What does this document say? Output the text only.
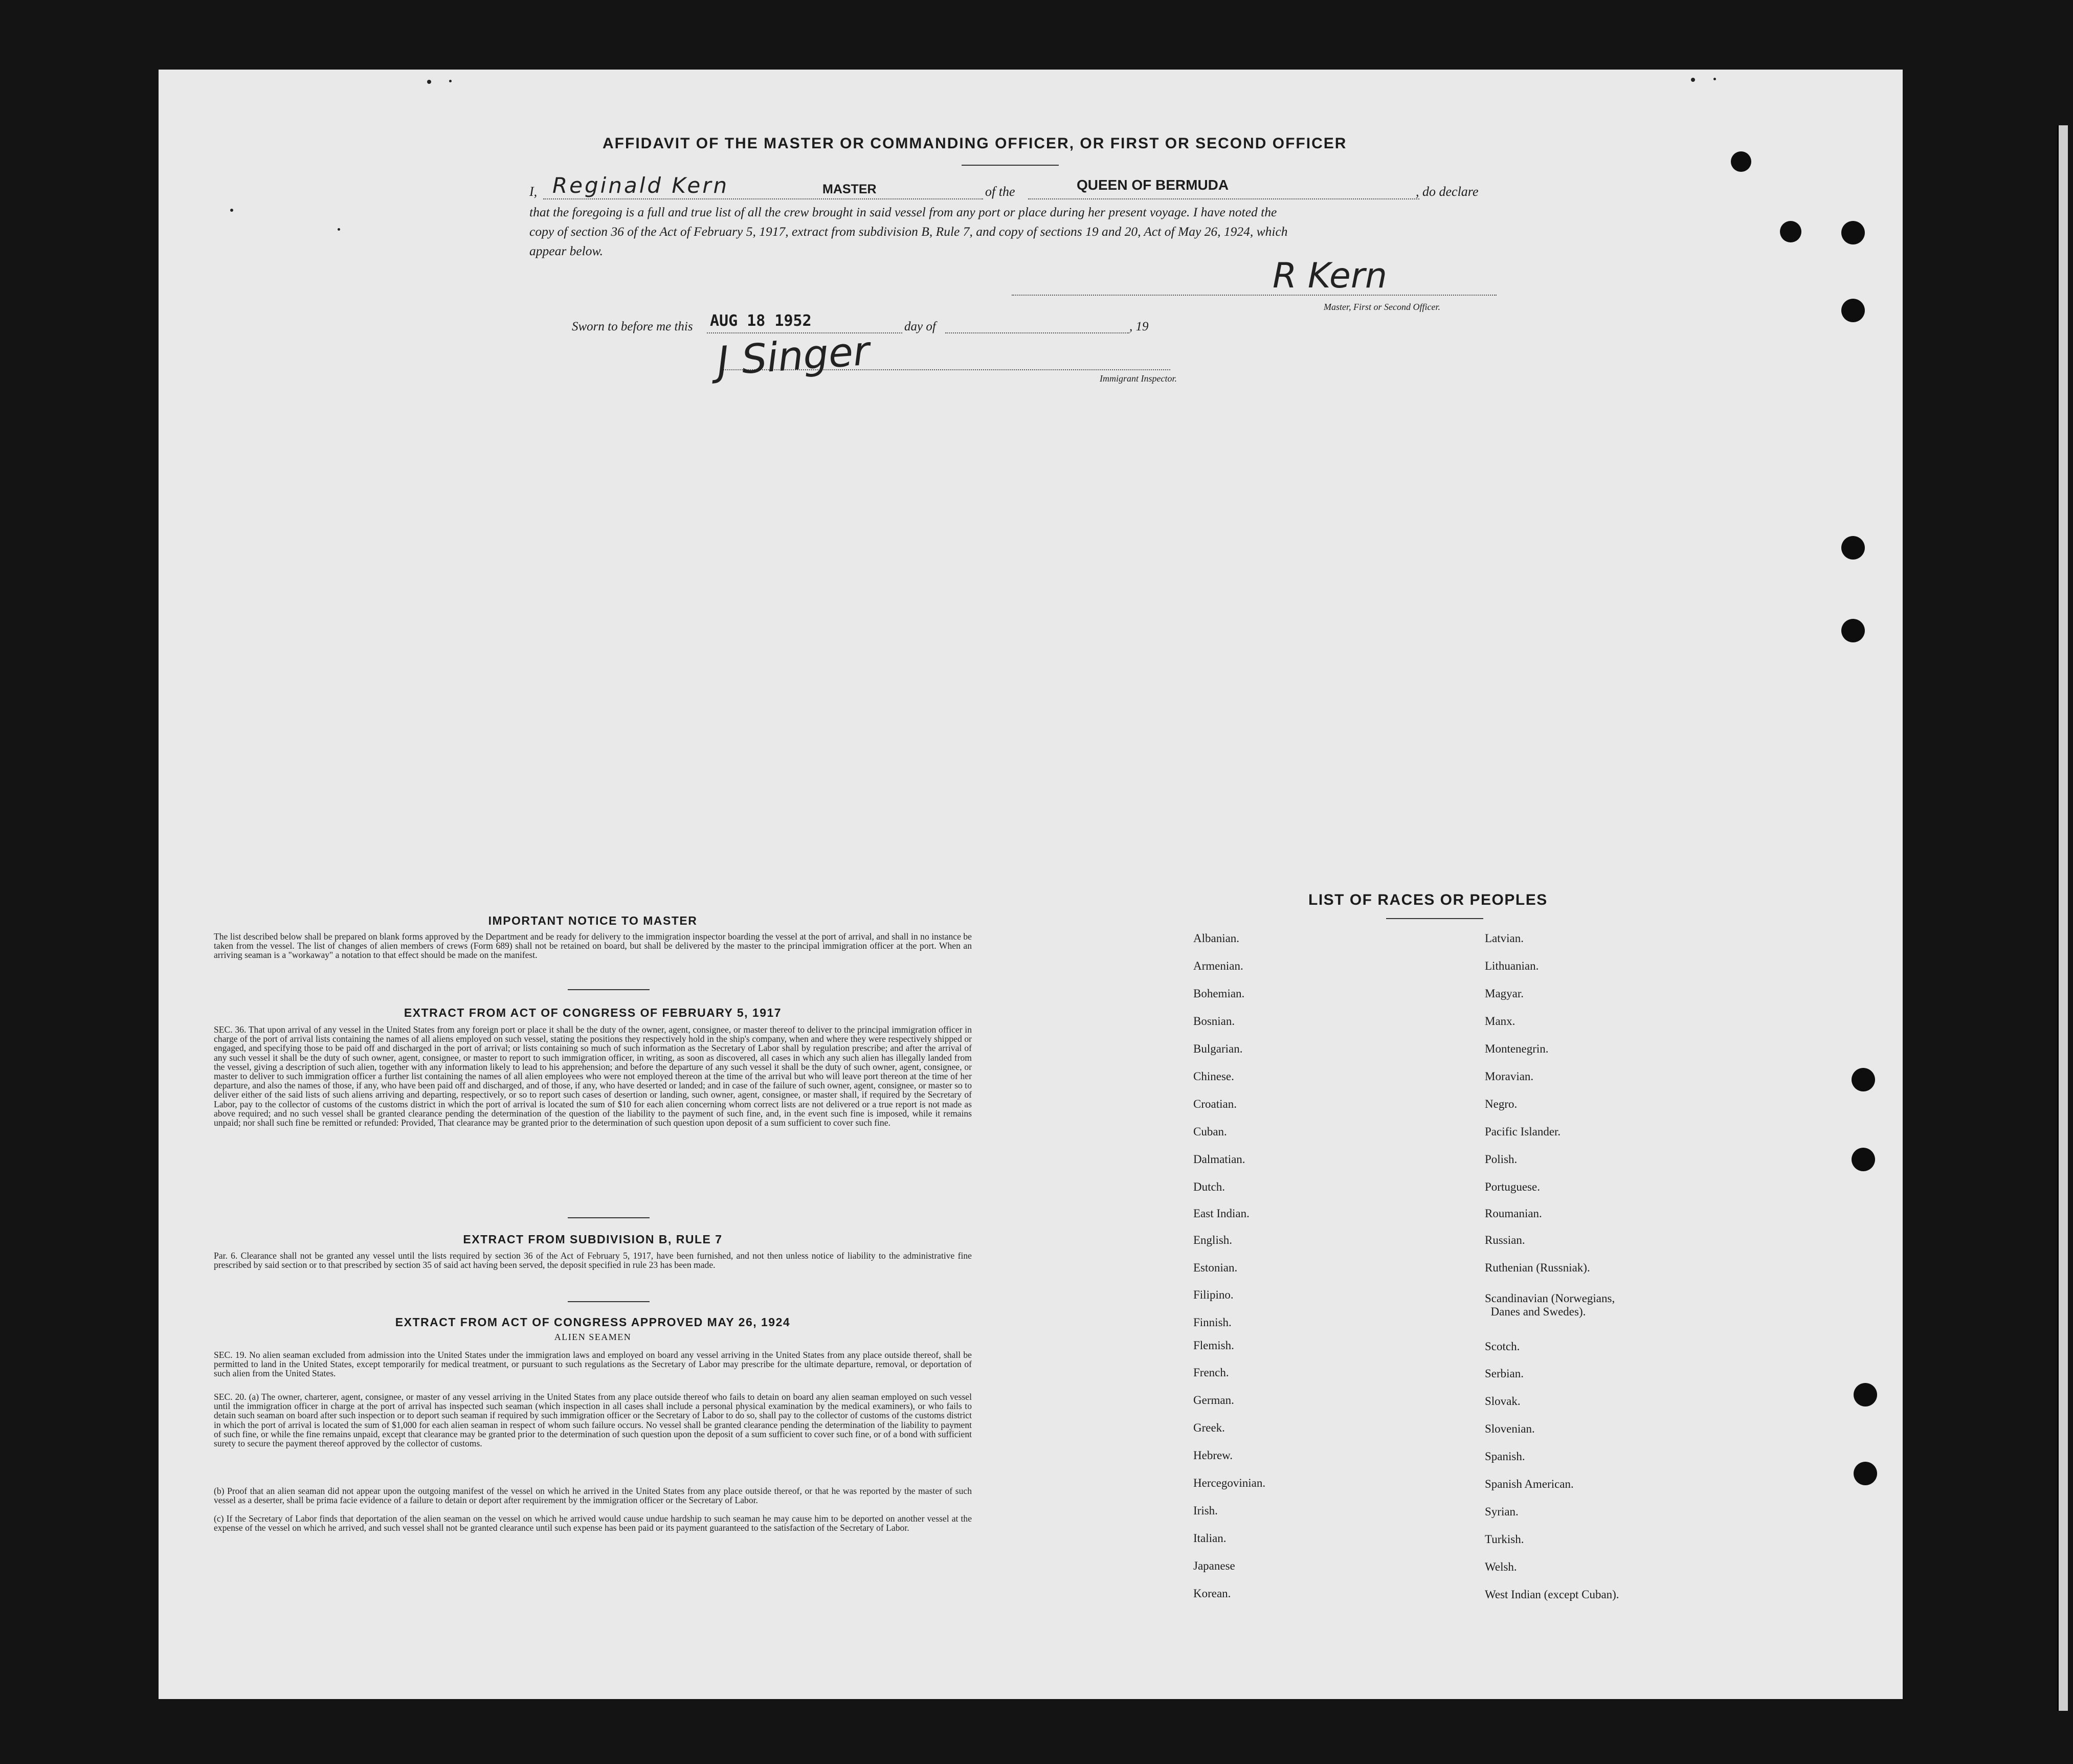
AFFIDAVIT OF THE MASTER OR COMMANDING OFFICER, OR FIRST OR SECOND OFFICER
I, Reginald Kern	MASTER	of the	QUEEN OF BERMUDA	, do declare
that the foregoing is a full and true list of all the crew brought in said vessel from any port or place during her present voyage. I have noted the
copy of section 36 of the Act of February 5, 1917, extract from subdivision B, Rule 7, and copy of sections 19 and 20, Act of May 26, 1924, which
appear below.
R Kern
Master, First or Second Officer.
Sworn to before me this AUG 18 1952	day of	, 19
J Singer	Immigrant Inspector.
IMPORTANT NOTICE TO MASTER

The list described below shall be prepared on blank forms approved by the Department and be ready for delivery to the immigration inspector boarding the vessel at the port of arrival, and shall in no instance be taken from the vessel. The list of changes of alien members of crews (Form 689) shall not be retained on board, but shall be delivered by the master to the principal immigration officer at the port. When an arriving seaman is a "workaway" a notation to that effect should be made on the manifest.

EXTRACT FROM ACT OF CONGRESS OF FEBRUARY 5, 1917

SEC. 36. That upon arrival of any vessel in the United States from any foreign port or place it shall be the duty of the owner, agent, consignee, or master thereof to deliver to the principal immigration officer in charge of the port of arrival lists containing the names of all aliens employed on such vessel, stating the positions they respectively hold in the ship's company, when and where they were respectively shipped or engaged, and specifying those to be paid off and discharged in the port of arrival; or lists containing so much of such information as the Secretary of Labor shall by regulation prescribe; and after the arrival of any such vessel it shall be the duty of such owner, agent, consignee, or master to report to such immigration officer, in writing, as soon as discovered, all cases in which any such alien has illegally landed from the vessel, giving a description of such alien, together with any information likely to lead to his apprehension; and before the departure of any such vessel it shall be the duty of such owner, agent, consignee, or master to deliver to such immigration officer a further list containing the names of all alien employees who were not employed thereon at the time of the arrival but who will leave port thereon at the time of her departure, and also the names of those, if any, who have been paid off and discharged, and of those, if any, who have deserted or landed; and in case of the failure of such owner, agent, consignee, or master so to deliver either of the said lists of such aliens arriving and departing, respectively, or so to report such cases of desertion or landing, such owner, agent, consignee, or master shall, if required by the Secretary of Labor, pay to the collector of customs of the customs district in which the port of arrival is located the sum of $10 for each alien concerning whom correct lists are not delivered or a true report is not made as above required; and no such vessel shall be granted clearance pending the determination of the question of the liability to the payment of such fine, and, in the event such fine is imposed, while it remains unpaid; nor shall such fine be remitted or refunded: Provided, That clearance may be granted prior to the determination of such question upon deposit of a sum sufficient to cover such fine.

EXTRACT FROM SUBDIVISION B, RULE 7

Par. 6. Clearance shall not be granted any vessel until the lists required by section 36 of the Act of February 5, 1917, have been furnished, and not then unless notice of liability to the administrative fine prescribed by said section or to that prescribed by section 35 of said act having been served, the deposit specified in rule 23 has been made.

EXTRACT FROM ACT OF CONGRESS APPROVED MAY 26, 1924
ALIEN SEAMEN

SEC. 19. No alien seaman excluded from admission into the United States under the immigration laws and employed on board any vessel arriving in the United States from any place outside thereof, shall be permitted to land in the United States, except temporarily for medical treatment, or pursuant to such regulations as the Secretary of Labor may prescribe for the ultimate departure, removal, or deportation of such alien from the United States.

SEC. 20. (a) The owner, charterer, agent, consignee, or master of any vessel arriving in the United States from any place outside thereof who fails to detain on board any alien seaman employed on such vessel until the immigration officer in charge at the port of arrival has inspected such seaman (which inspection in all cases shall include a personal physical examination by the medical examiners), or who fails to detain such seaman on board after such inspection or to deport such seaman if required by such immigration officer or the Secretary of Labor to do so, shall pay to the collector of customs of the customs district in which the port of arrival is located the sum of $1,000 for each alien seaman in respect of whom such failure occurs. No vessel shall be granted clearance pending the determination of the liability to payment of such fine, or while the fine remains unpaid, except that clearance may be granted prior to the determination of such question upon the deposit of a sum sufficient to cover such fine, or of a bond with sufficient surety to secure the payment thereof approved by the collector of customs.

(b) Proof that an alien seaman did not appear upon the outgoing manifest of the vessel on which he arrived in the United States from any place outside thereof, or that he was reported by the master of such vessel as a deserter, shall be prima facie evidence of a failure to detain or deport after requirement by the immigration officer or the Secretary of Labor.

(c) If the Secretary of Labor finds that deportation of the alien seaman on the vessel on which he arrived would cause undue hardship to such seaman he may cause him to be deported on another vessel at the expense of the vessel on which he arrived, and such vessel shall not be granted clearance until such expense has been paid or its payment guaranteed to the satisfaction of the Secretary of Labor.

LIST OF RACES OR PEOPLES
Albanian.
Armenian.
Bohemian.
Bosnian.
Bulgarian.
Chinese.
Croatian.
Cuban.
Dalmatian.
Dutch.
East Indian.
English.
Estonian.
Filipino.
Finnish.
Flemish.
French.
German.
Greek.
Hebrew.
Hercegovinian.
Irish.
Italian.
Japanese
Korean.
Latvian.
Lithuanian.
Magyar.
Manx.
Montenegrin.
Moravian.
Negro.
Pacific Islander.
Polish.
Portuguese.
Roumanian.
Russian.
Ruthenian (Russniak).
Scandinavian (Norwegians,
Danes and Swedes).
Scotch.
Serbian.
Slovak.
Slovenian.
Spanish.
Spanish American.
Syrian.
Turkish.
Welsh.
West Indian (except Cuban).
